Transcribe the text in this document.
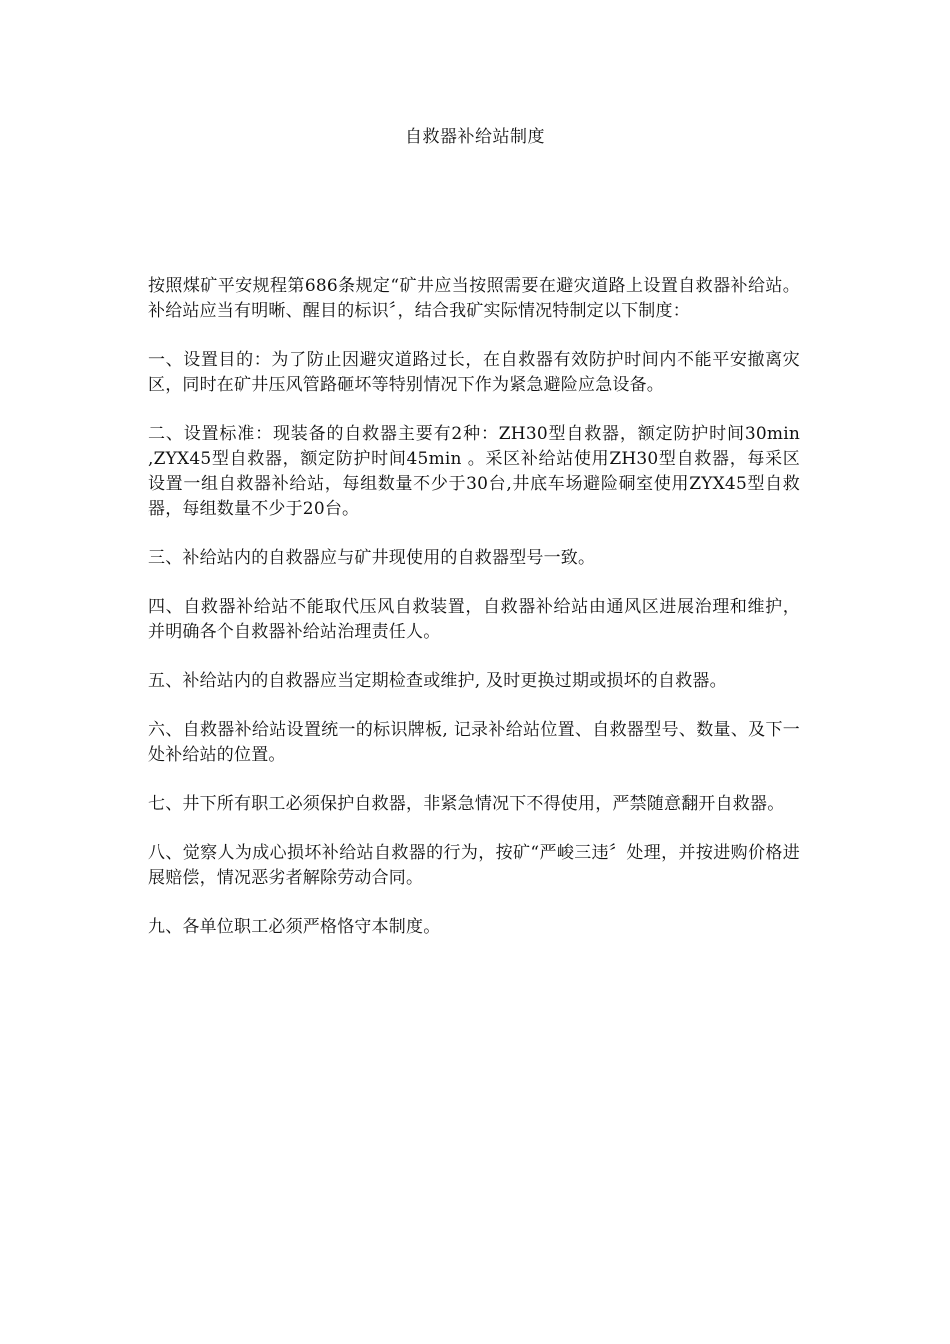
自救器补给站制度

按照煤矿平安规程第686条规定“矿井应当按照需要在避灾道路上设置自救器补给站。补给站应当有明晰、醒目的标识〞，结合我矿实际情况特制定以下制度：

一、设置目的：为了防止因避灾道路过长，在自救器有效防护时间内不能平安撤离灾区，同时在矿井压风管路砸坏等特别情况下作为紧急避险应急设备。

二、设置标准：现装备的自救器主要有2种：ZH30型自救器，额定防护时间30min ,ZYX45型自救器，额定防护时间45min 。采区补给站使用ZH30型自救器，每采区设置一组自救器补给站，每组数量不少于30台,井底车场避险硐室使用ZYX45型自救器，每组数量不少于20台。

三、补给站内的自救器应与矿井现使用的自救器型号一致。

四、自救器补给站不能取代压风自救装置，自救器补给站由通风区进展治理和维护，并明确各个自救器补给站治理责任人。

五、补给站内的自救器应当定期检查或维护, 及时更换过期或损坏的自救器。

六、自救器补给站设置统一的标识牌板, 记录补给站位置、自救器型号、数量、及下一处补给站的位置。

七、井下所有职工必须保护自救器，非紧急情况下不得使用，严禁随意翻开自救器。

八、觉察人为成心损坏补给站自救器的行为，按矿“严峻三违〞处理，并按进购价格进展赔偿，情况恶劣者解除劳动合同。

九、各单位职工必须严格恪守本制度。
